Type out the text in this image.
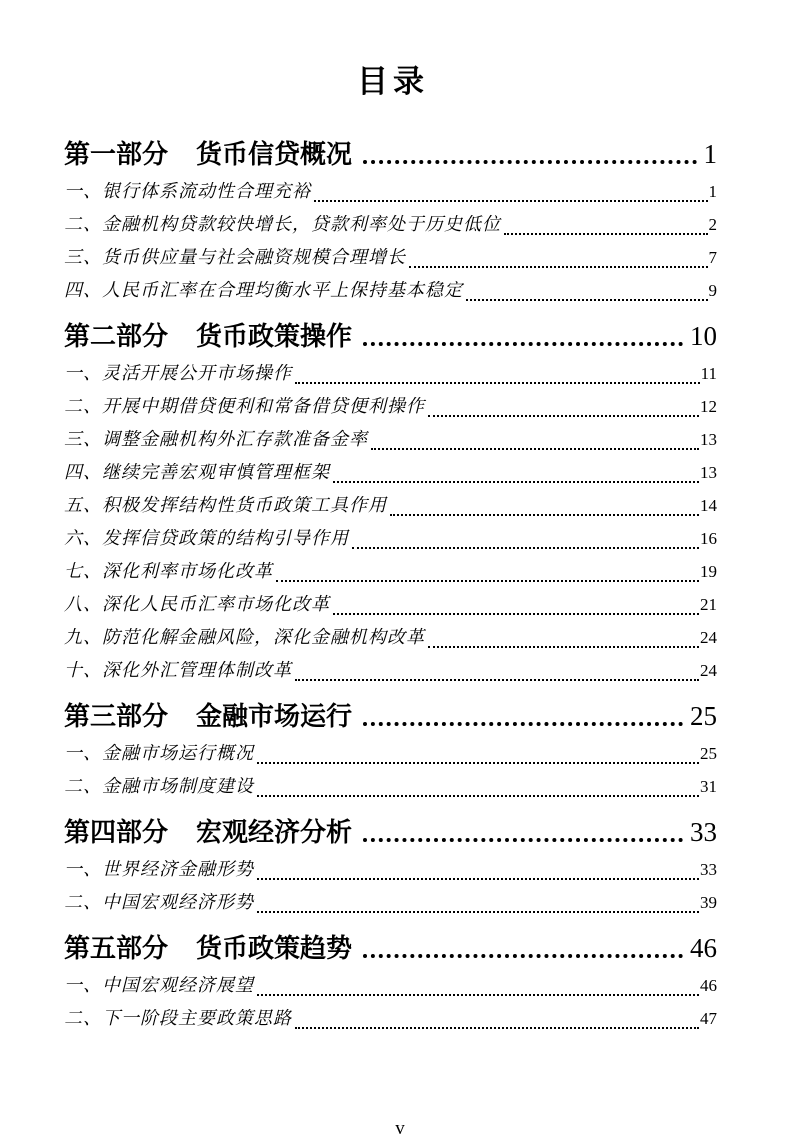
目录
第一部分 货币信贷概况	1
一、银行体系流动性合理充裕	1
二、金融机构贷款较快增长，贷款利率处于历史低位	2
三、货币供应量与社会融资规模合理增长	7
四、人民币汇率在合理均衡水平上保持基本稳定	9
第二部分 货币政策操作	10
一、灵活开展公开市场操作	11
二、开展中期借贷便利和常备借贷便利操作	12
三、调整金融机构外汇存款准备金率	13
四、继续完善宏观审慎管理框架	13
五、积极发挥结构性货币政策工具作用	14
六、发挥信贷政策的结构引导作用	16
七、深化利率市场化改革	19
八、深化人民币汇率市场化改革	21
九、防范化解金融风险，深化金融机构改革	24
十、深化外汇管理体制改革	24
第三部分 金融市场运行	25
一、金融市场运行概况	25
二、金融市场制度建设	31
第四部分 宏观经济分析	33
一、世界经济金融形势	33
二、中国宏观经济形势	39
第五部分 货币政策趋势	46
一、中国宏观经济展望	46
二、下一阶段主要政策思路	47
v
